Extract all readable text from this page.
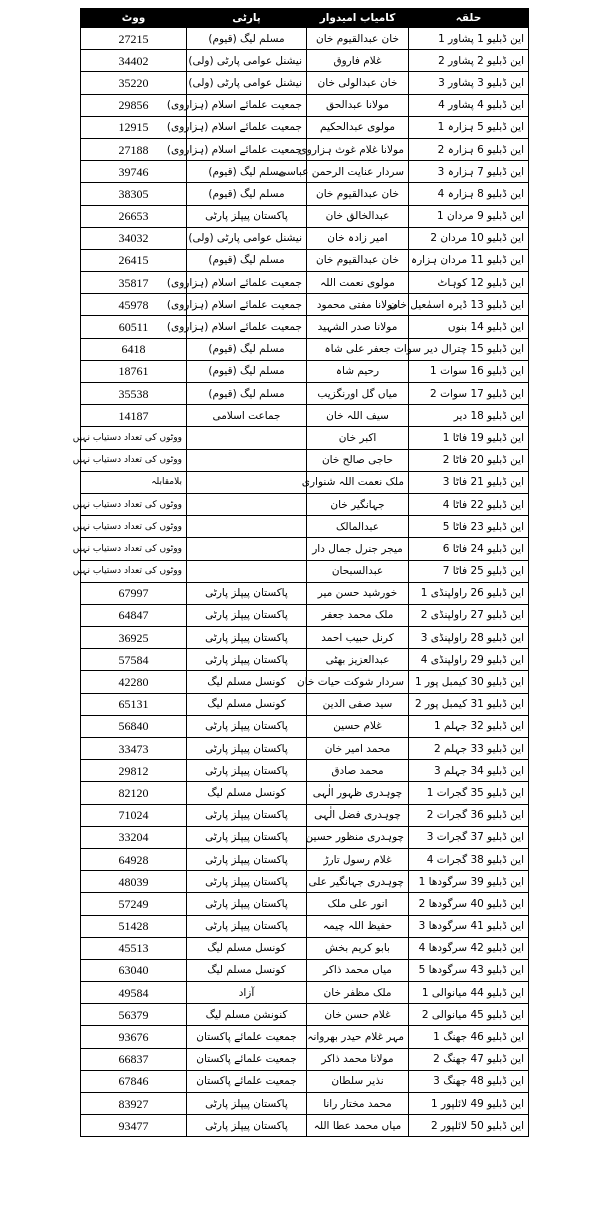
حلقہ	کامیاب امیدوار	پارٹی	ووٹ
این ڈبلیو 1 پشاور 1	خان عبدالقیوم خان	مسلم لیگ (قیوم)	27215
این ڈبلیو 2 پشاور 2	غلام فاروق	نیشنل عوامی پارٹی (ولی)	34402
این ڈبلیو 3 پشاور 3	خان عبدالولی خان	نیشنل عوامی پارٹی (ولی)	35220
این ڈبلیو 4 پشاور 4	مولانا عبدالحق	جمعیت علمائے اسلام (ہزاروی)	29856
این ڈبلیو 5 ہزارہ 1	مولوی عبدالحکیم	جمعیت علمائے اسلام (ہزاروی)	12915
این ڈبلیو 6 ہزارہ 2	مولانا غلام غوث ہزاروی	جمعیت علمائے اسلام (ہزاروی)	27188
این ڈبلیو 7 ہزارہ 3	سردار عنایت الرحمن عباسی	مسلم لیگ (قیوم)	39746
این ڈبلیو 8 ہزارہ 4	خان عبدالقیوم خان	مسلم لیگ (قیوم)	38305
این ڈبلیو 9 مردان 1	عبدالخالق خان	پاکستان پیپلز پارٹی	26653
این ڈبلیو 10 مردان 2	امیر زادہ خان	نیشنل عوامی پارٹی (ولی)	34032
این ڈبلیو 11 مردان ہزارہ	خان عبدالقیوم خان	مسلم لیگ (قیوم)	26415
این ڈبلیو 12 کوہاٹ	مولوی نعمت اللہ	جمعیت علمائے اسلام (ہزاروی)	35817
این ڈبلیو 13 ڈیرہ اسمٰعیل خان	مولانا مفتی محمود	جمعیت علمائے اسلام (ہزاروی)	45978
این ڈبلیو 14 بنوں	مولانا صدر الشہید	جمعیت علمائے اسلام (ہزاروی)	60511
این ڈبلیو 15 چترال دیر سوات	جعفر علی شاہ	مسلم لیگ (قیوم)	6418
این ڈبلیو 16 سوات 1	رحیم شاہ	مسلم لیگ (قیوم)	18761
این ڈبلیو 17 سوات 2	میاں گل اورنگزیب	مسلم لیگ (قیوم)	35538
این ڈبلیو 18 دیر	سیف اللہ خان	جماعت اسلامی	14187
این ڈبلیو 19 فاٹا 1	اکبر خان		ووٹوں کی تعداد دستیاب نہیں
این ڈبلیو 20 فاٹا 2	حاجی صالح خان		ووٹوں کی تعداد دستیاب نہیں
این ڈبلیو 21 فاٹا 3	ملک نعمت اللہ شنواری		بلامقابلہ
این ڈبلیو 22 فاٹا 4	جہانگیر خان		ووٹوں کی تعداد دستیاب نہیں
این ڈبلیو 23 فاٹا 5	عبدالمالک		ووٹوں کی تعداد دستیاب نہیں
این ڈبلیو 24 فاٹا 6	میجر جنرل جمال دار		ووٹوں کی تعداد دستیاب نہیں
این ڈبلیو 25 فاٹا 7	عبدالسبحان		ووٹوں کی تعداد دستیاب نہیں
این ڈبلیو 26 راولپنڈی 1	خورشید حسن میر	پاکستان پیپلز پارٹی	67997
این ڈبلیو 27 راولپنڈی 2	ملک محمد جعفر	پاکستان پیپلز پارٹی	64847
این ڈبلیو 28 راولپنڈی 3	کرنل حبیب احمد	پاکستان پیپلز پارٹی	36925
این ڈبلیو 29 راولپنڈی 4	عبدالعزیز بھٹی	پاکستان پیپلز پارٹی	57584
این ڈبلیو 30 کیمبل پور 1	سردار شوکت حیات خان	کونسل مسلم لیگ	42280
این ڈبلیو 31 کیمبل پور 2	سید صفی الدین	کونسل مسلم لیگ	65131
این ڈبلیو 32 جہلم 1	غلام حسین	پاکستان پیپلز پارٹی	56840
این ڈبلیو 33 جہلم 2	محمد امیر خان	پاکستان پیپلز پارٹی	33473
این ڈبلیو 34 جہلم 3	محمد صادق	پاکستان پیپلز پارٹی	29812
این ڈبلیو 35 گجرات 1	چوہدری ظہور الٰہی	کونسل مسلم لیگ	82120
این ڈبلیو 36 گجرات 2	چوہدری فضل الٰہی	پاکستان پیپلز پارٹی	71024
این ڈبلیو 37 گجرات 3	چوہدری منظور حسین	پاکستان پیپلز پارٹی	33204
این ڈبلیو 38 گجرات 4	غلام رسول تارڑ	پاکستان پیپلز پارٹی	64928
این ڈبلیو 39 سرگودھا 1	چوہدری جہانگیر علی	پاکستان پیپلز پارٹی	48039
این ڈبلیو 40 سرگودھا 2	انور علی ملک	پاکستان پیپلز پارٹی	57249
این ڈبلیو 41 سرگودھا 3	حفیظ اللہ چیمہ	پاکستان پیپلز پارٹی	51428
این ڈبلیو 42 سرگودھا 4	بابو کریم بخش	کونسل مسلم لیگ	45513
این ڈبلیو 43 سرگودھا 5	میاں محمد ذاکر	کونسل مسلم لیگ	63040
این ڈبلیو 44 میانوالی 1	ملک مظفر خان	آزاد	49584
این ڈبلیو 45 میانوالی 2	غلام حسن خان	کنونشن مسلم لیگ	56379
این ڈبلیو 46 جھنگ 1	مہر غلام حیدر بھروانہ	جمعیت علمائے پاکستان	93676
این ڈبلیو 47 جھنگ 2	مولانا محمد ذاکر	جمعیت علمائے پاکستان	66837
این ڈبلیو 48 جھنگ 3	نذیر سلطان	جمعیت علمائے پاکستان	67846
این ڈبلیو 49 لائلپور 1	محمد مختار رانا	پاکستان پیپلز پارٹی	83927
این ڈبلیو 50 لائلپور 2	میاں محمد عطا اللہ	پاکستان پیپلز پارٹی	93477
